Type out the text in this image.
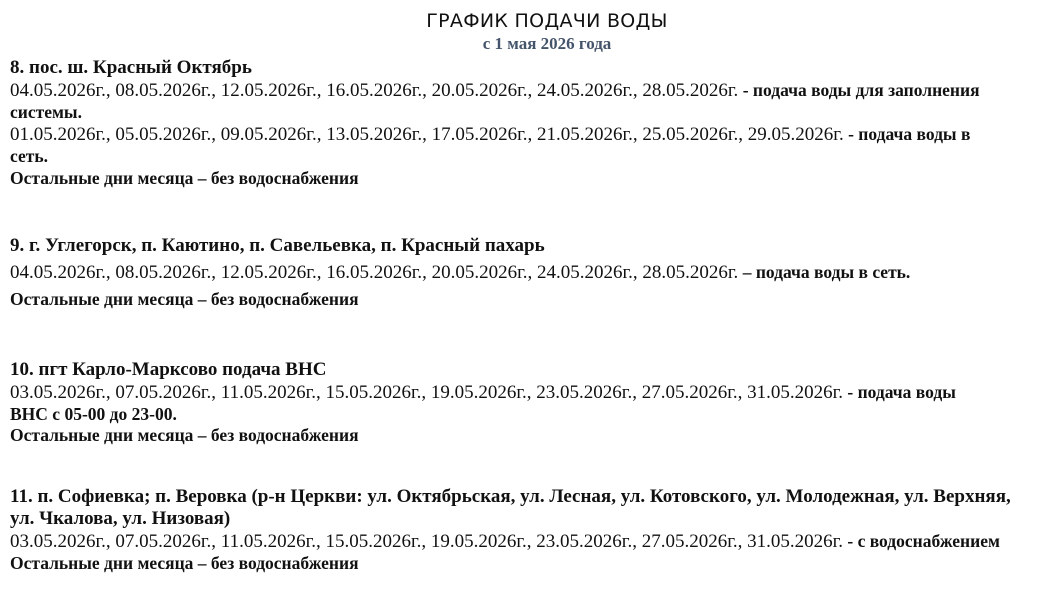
ГРАФИК ПОДАЧИ ВОДЫ
с 1 мая 2026 года
8. пос. ш. Красный Октябрь
04.05.2026г., 08.05.2026г., 12.05.2026г., 16.05.2026г., 20.05.2026г., 24.05.2026г., 28.05.2026г. - подача воды для заполнения
системы.
01.05.2026г., 05.05.2026г., 09.05.2026г., 13.05.2026г., 17.05.2026г., 21.05.2026г., 25.05.2026г., 29.05.2026г. - подача воды в
сеть.
Остальные дни месяца – без водоснабжения
9. г. Углегорск, п. Каютино, п. Савельевка, п. Красный пахарь
04.05.2026г., 08.05.2026г., 12.05.2026г., 16.05.2026г., 20.05.2026г., 24.05.2026г., 28.05.2026г. – подача воды в сеть.
Остальные дни месяца – без водоснабжения
10. пгт Карло-Марксово подача ВНС
03.05.2026г., 07.05.2026г., 11.05.2026г., 15.05.2026г., 19.05.2026г., 23.05.2026г., 27.05.2026г., 31.05.2026г. - подача воды
ВНС с 05-00 до 23-00.
Остальные дни месяца – без водоснабжения
11. п. Софиевка; п. Веровка (р-н Церкви: ул. Октябрьская, ул. Лесная, ул. Котовского, ул. Молодежная, ул. Верхняя,
ул. Чкалова, ул. Низовая)
03.05.2026г., 07.05.2026г., 11.05.2026г., 15.05.2026г., 19.05.2026г., 23.05.2026г., 27.05.2026г., 31.05.2026г. - с водоснабжением
Остальные дни месяца – без водоснабжения
